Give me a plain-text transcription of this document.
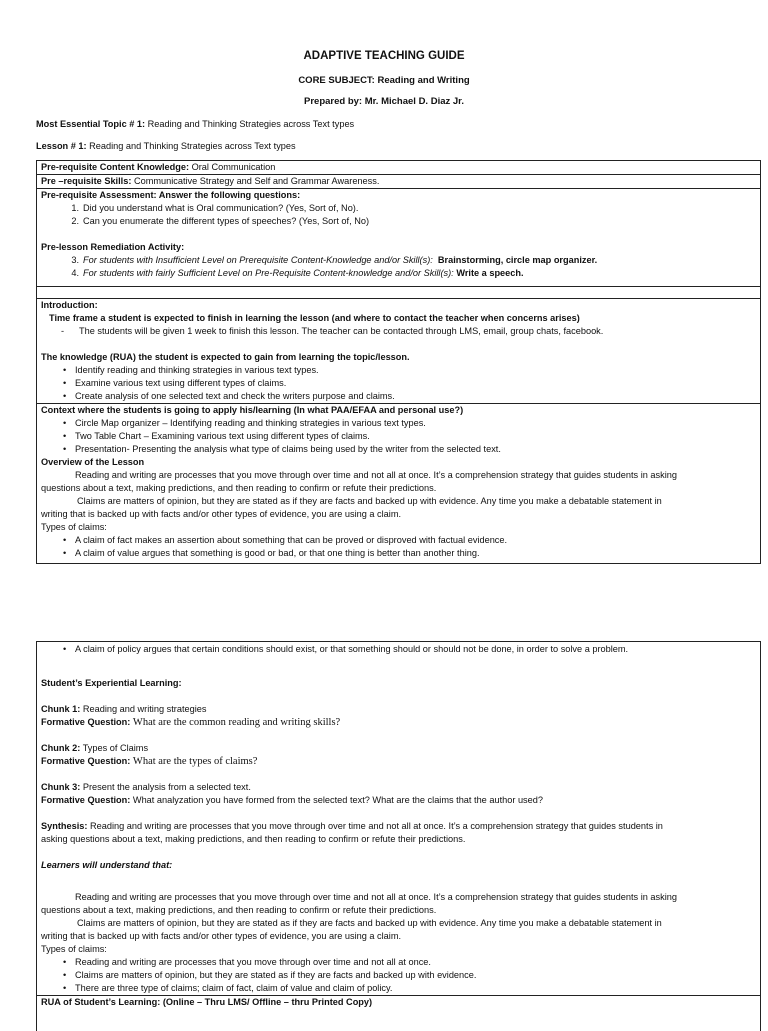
ADAPTIVE TEACHING GUIDE
CORE SUBJECT: Reading and Writing
Prepared by: Mr. Michael D. Diaz Jr.
Most Essential Topic # 1: Reading and Thinking Strategies across Text types
Lesson # 1: Reading and Thinking Strategies across Text types
Pre-requisite Content Knowledge: Oral Communication
Pre –requisite Skills: Communicative Strategy and Self and Grammar Awareness.
Pre-requisite Assessment: Answer the following questions:
1. Did you understand what is Oral communication? (Yes, Sort of, No).
2. Can you enumerate the different types of speeches? (Yes, Sort of, No)
Pre-lesson Remediation Activity:
3. For students with Insufficient Level on Prerequisite Content-Knowledge and/or Skill(s): Brainstorming, circle map organizer.
4. For students with fairly Sufficient Level on Pre-Requisite Content-knowledge and/or Skill(s): Write a speech.
Introduction:
Time frame a student is expected to finish in learning the lesson (and where to contact the teacher when concerns arises)
-	The students will be given 1 week to finish this lesson. The teacher can be contacted through LMS, email, group chats, facebook.
The knowledge (RUA) the student is expected to gain from learning the topic/lesson.
• Identify reading and thinking strategies in various text types.
• Examine various text using different types of claims.
• Create analysis of one selected text and check the writers purpose and claims.
Context where the students is going to apply his/learning (In what PAA/EFAA and personal use?)
• Circle Map organizer – Identifying reading and thinking strategies in various text types.
• Two Table Chart – Examining various text using different types of claims.
• Presentation- Presenting the analysis what type of claims being used by the writer from the selected text.
Overview of the Lesson
Reading and writing are processes that you move through over time and not all at once. It’s a comprehension strategy that guides students in asking
questions about a text, making predictions, and then reading to confirm or refute their predictions.
Claims are matters of opinion, but they are stated as if they are facts and backed up with evidence. Any time you make a debatable statement in
writing that is backed up with facts and/or other types of evidence, you are using a claim.
Types of claims:
• A claim of fact makes an assertion about something that can be proved or disproved with factual evidence.
• A claim of value argues that something is good or bad, or that one thing is better than another thing.
• A claim of policy argues that certain conditions should exist, or that something should or should not be done, in order to solve a problem.
Student’s Experiential Learning:
Chunk 1: Reading and writing strategies
Formative Question: What are the common reading and writing skills?
Chunk 2: Types of Claims
Formative Question: What are the types of claims?
Chunk 3: Present the analysis from a selected text.
Formative Question: What analyzation you have formed from the selected text? What are the claims that the author used?
Synthesis: Reading and writing are processes that you move through over time and not all at once. It’s a comprehension strategy that guides students in
asking questions about a text, making predictions, and then reading to confirm or refute their predictions.
Learners will understand that:
Reading and writing are processes that you move through over time and not all at once. It’s a comprehension strategy that guides students in asking
questions about a text, making predictions, and then reading to confirm or refute their predictions.
Claims are matters of opinion, but they are stated as if they are facts and backed up with evidence. Any time you make a debatable statement in
writing that is backed up with facts and/or other types of evidence, you are using a claim.
Types of claims:
• Reading and writing are processes that you move through over time and not all at once.
• Claims are matters of opinion, but they are stated as if they are facts and backed up with evidence.
• There are three type of claims; claim of fact, claim of value and claim of policy.
RUA of Student’s Learning: (Online – Thru LMS/ Offline – thru Printed Copy)
